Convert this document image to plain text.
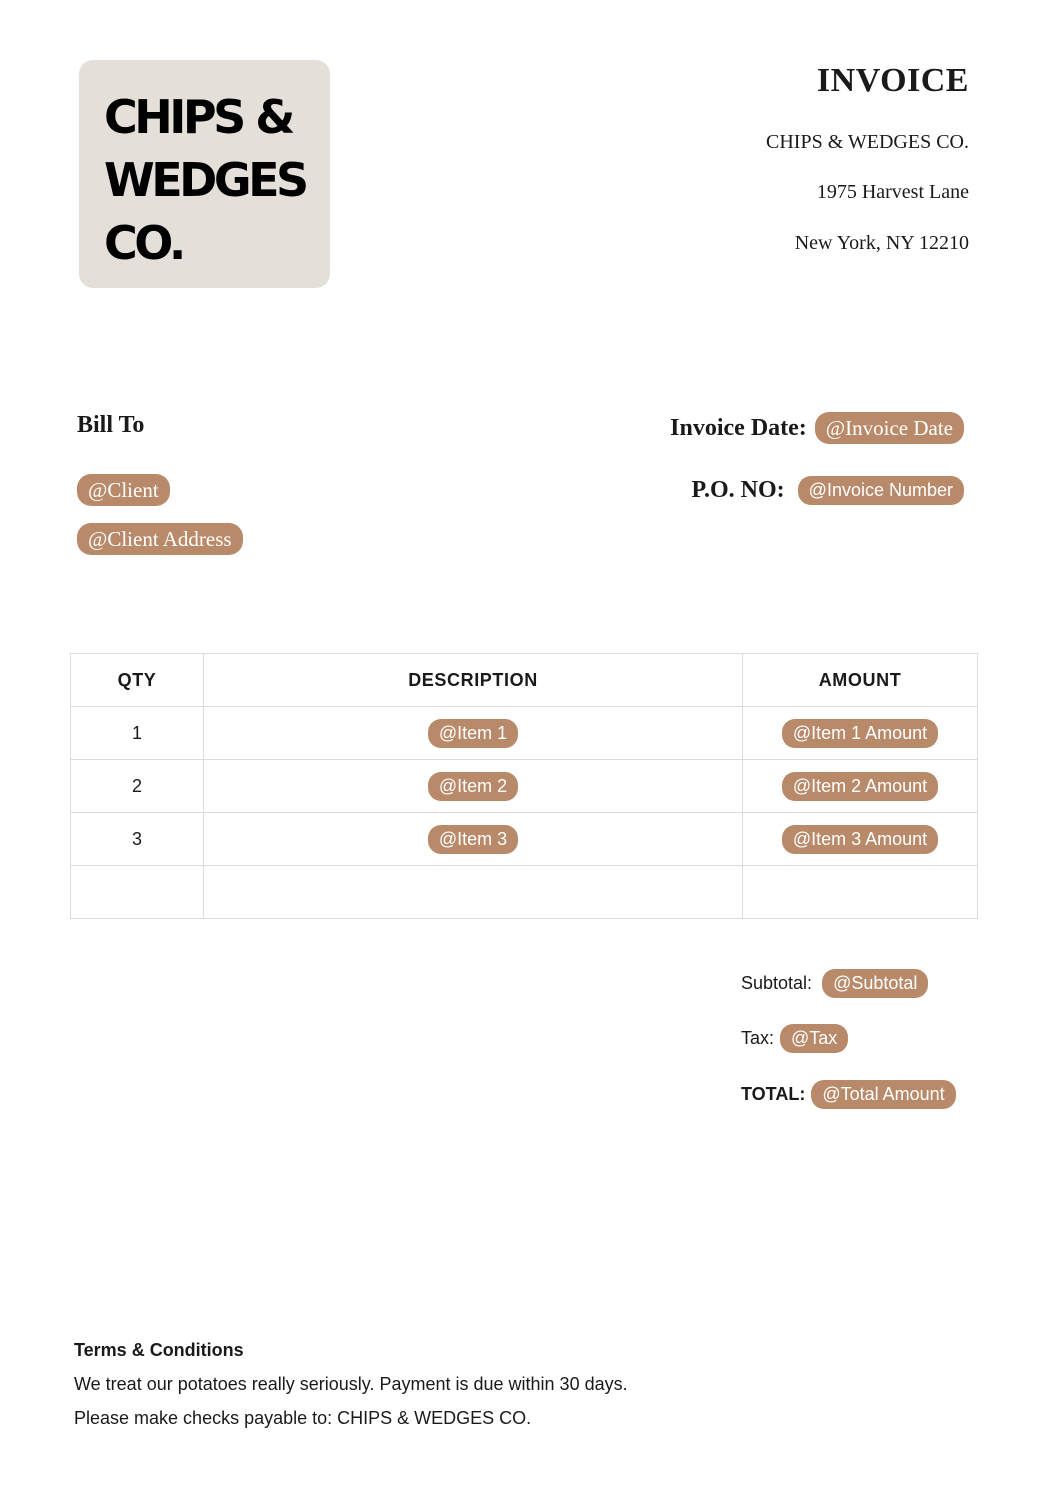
CHIPS &
WEDGES
CO.
INVOICE
CHIPS & WEDGES CO.
1975 Harvest Lane
New York, NY 12210
Bill To
@Client
@Client Address
Invoice Date: @Invoice Date
P.O. NO:	@Invoice Number
QTY	DESCRIPTION	AMOUNT
1	@Item 1	@Item 1 Amount
2	@Item 2	@Item 2 Amount
3	@Item 3	@Item 3 Amount

Subtotal:	@Subtotal
Tax: @Tax
TOTAL: @Total Amount
Terms & Conditions
We treat our potatoes really seriously. Payment is due within 30 days.
Please make checks payable to: CHIPS & WEDGES CO.
